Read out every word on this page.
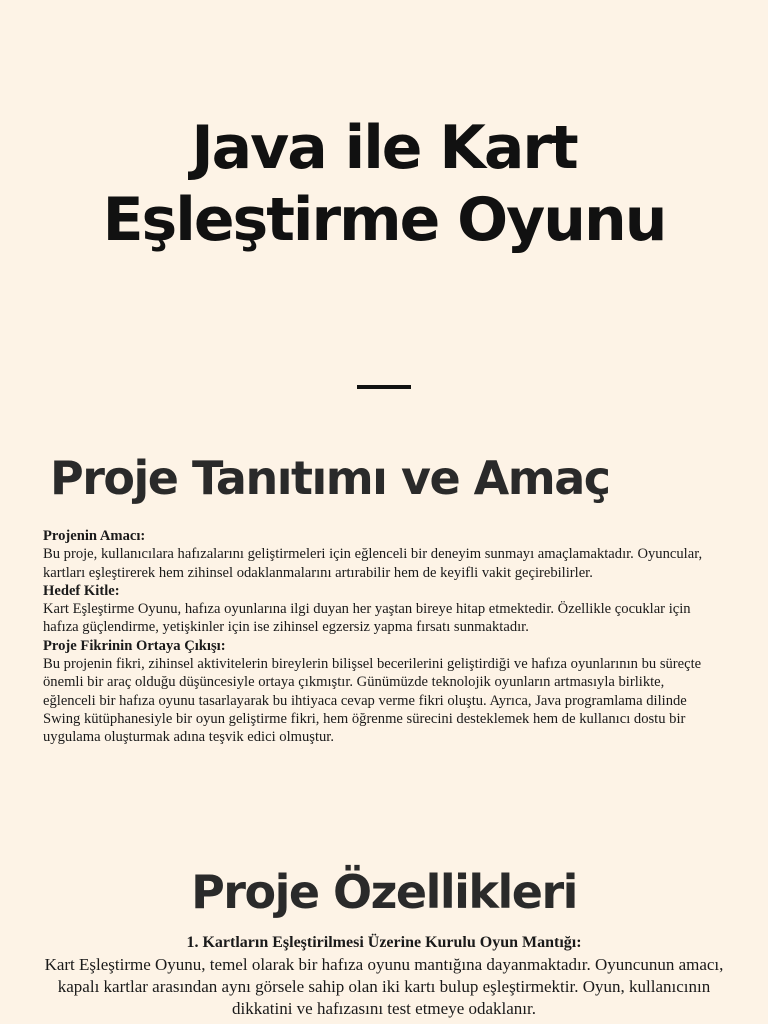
Java ile Kart
Eşleştirme Oyunu
Proje Tanıtımı ve Amaç
Projenin Amacı:
Bu proje, kullanıcılara hafızalarını geliştirmeleri için eğlenceli bir deneyim sunmayı amaçlamaktadır. Oyuncular, kartları eşleştirerek hem zihinsel odaklanmalarını artırabilir hem de keyifli vakit geçirebilirler.
Hedef Kitle:
Kart Eşleştirme Oyunu, hafıza oyunlarına ilgi duyan her yaştan bireye hitap etmektedir. Özellikle çocuklar için hafıza güçlendirme, yetişkinler için ise zihinsel egzersiz yapma fırsatı sunmaktadır.
Proje Fikrinin Ortaya Çıkışı:
Bu projenin fikri, zihinsel aktivitelerin bireylerin bilişsel becerilerini geliştirdiği ve hafıza oyunlarının bu süreçte önemli bir araç olduğu düşüncesiyle ortaya çıkmıştır. Günümüzde teknolojik oyunların artmasıyla birlikte, eğlenceli bir hafıza oyunu tasarlayarak bu ihtiyaca cevap verme fikri oluştu. Ayrıca, Java programlama dilinde Swing kütüphanesiyle bir oyun geliştirme fikri, hem öğrenme sürecini desteklemek hem de kullanıcı dostu bir uygulama oluşturmak adına teşvik edici olmuştur.
Proje Özellikleri
1. Kartların Eşleştirilmesi Üzerine Kurulu Oyun Mantığı:
Kart Eşleştirme Oyunu, temel olarak bir hafıza oyunu mantığına dayanmaktadır. Oyuncunun amacı, kapalı kartlar arasından aynı görsele sahip olan iki kartı bulup eşleştirmektir. Oyun, kullanıcının dikkatini ve hafızasını test etmeye odaklanır.
